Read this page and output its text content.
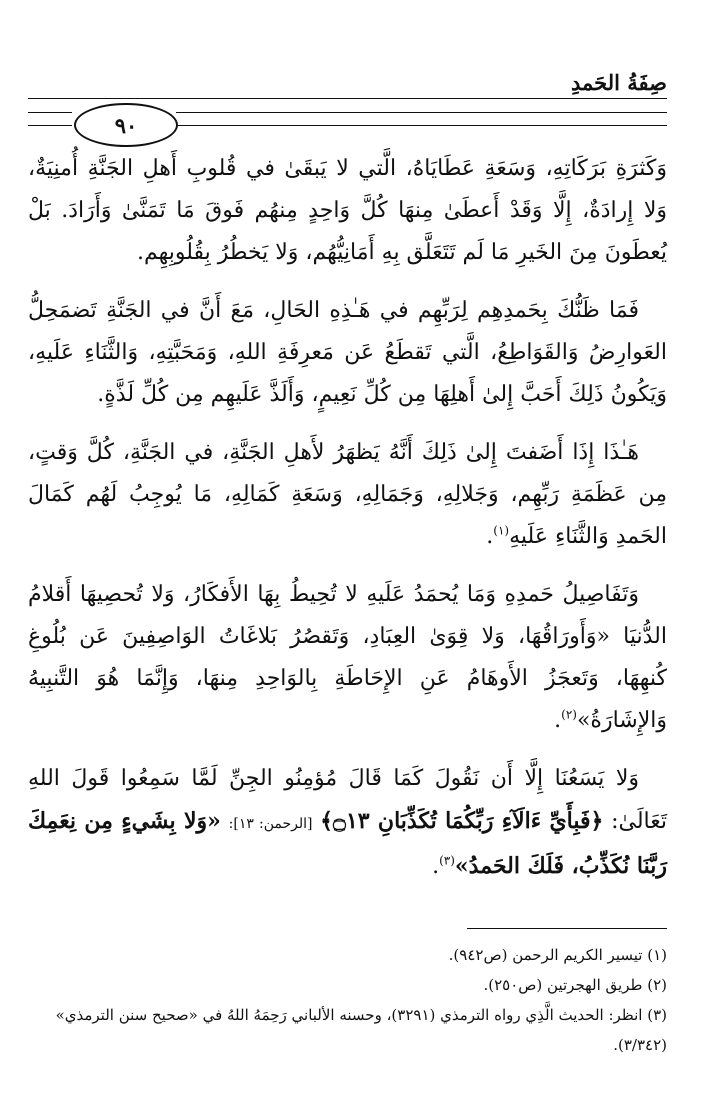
صِفَةُ الحَمدِ
٩٠

وَكَثرَةِ بَرَكَاتِهِ، وَسَعَةِ عَطَايَاهُ، الَّتي لا يَبقَىٰ في قُلوبِ أَهلِ الجَنَّةِ أُمنِيَةٌ، وَلا إِرادَةٌ، إِلَّا وَقَدْ أَعطَىٰ مِنهَا كُلَّ وَاحِدٍ مِنهُم فَوقَ مَا تَمَنَّىٰ وَأَرَادَ. بَلْ يُعطَونَ مِنَ الخَيرِ مَا لَم تَتَعَلَّق بِهِ أَمَانِيُّهُم، وَلا يَخطُرُ بِقُلُوبِهِم.

فَمَا ظَنُّكَ بِحَمدِهِم لِرَبِّهِم في هَـٰذِهِ الحَالِ، مَعَ أَنَّ في الجَنَّةِ تَضمَحِلُّ العَوارِضُ وَالقَوَاطِعُ، الَّتي تَقطَعُ عَن مَعرِفَةِ اللهِ، وَمَحَبَّتِهِ، وَالثَّنَاءِ عَلَيهِ، وَيَكُونُ ذَلِكَ أَحَبَّ إِلىٰ أَهلِهَا مِن كُلِّ نَعِيمٍ، وَأَلَذَّ عَلَيهِم مِن كُلِّ لَذَّةٍ.

هَـٰذَا إِذَا أَضَفتَ إِلىٰ ذَلِكَ أَنَّهُ يَظهَرُ لأَهلِ الجَنَّةِ، في الجَنَّةِ، كُلَّ وَقتٍ، مِن عَظَمَةِ رَبِّهِم، وَجَلالِهِ، وَجَمَالِهِ، وَسَعَةِ كَمَالِهِ، مَا يُوجِبُ لَهُم كَمَالَ الحَمدِ وَالثَّنَاءِ عَلَيهِ$^{(١)}$.

وَتَفَاصِيلُ حَمدِهِ وَمَا يُحمَدُ عَلَيهِ لا تُحِيطُ بِهَا الأَفكَارُ، وَلا تُحصِيهَا أَقلامُ الدُّنيَا «وَأَورَاقُهَا، وَلا قِوَىٰ العِبَادِ، وَتَقصُرُ بَلاغَاتُ الوَاصِفِينَ عَن بُلُوغِ كُنهِهَا، وَتَعجَزُ الأَوهَامُ عَنِ الإِحَاطَةِ بِالوَاحِدِ مِنهَا، وَإِنَّمَا هُوَ التَّنبِيهُ وَالإِشَارَةُ»$^{(٢)}$.

وَلا يَسَعُنَا إِلَّا أَن نَقُولَ كَمَا قَالَ مُؤمِنُو الجِنِّ لَمَّا سَمِعُوا قَولَ اللهِ تَعَالَىٰ: ﴿فَبِأَيِّ ءَالَآءِ رَبِّكُمَا تُكَذِّبَانِ ۝١٣﴾ [الرحمن: ١٣]: «وَلا بِشَيءٍ مِن نِعَمِكَ رَبَّنَا نُكَذِّبُ، فَلَكَ الحَمدُ»$^{(٣)}$.

(١) تيسير الكريم الرحمن (ص٩٤٢).

(٢) طريق الهجرتين (ص٢٥٠).

(٣) انظر: الحديث الَّذِي رواه الترمذي (٣٢٩١)، وحسنه الألباني رَحِمَهُ اللهُ في «صحيح سنن الترمذي» (٣/٣٤٢).
